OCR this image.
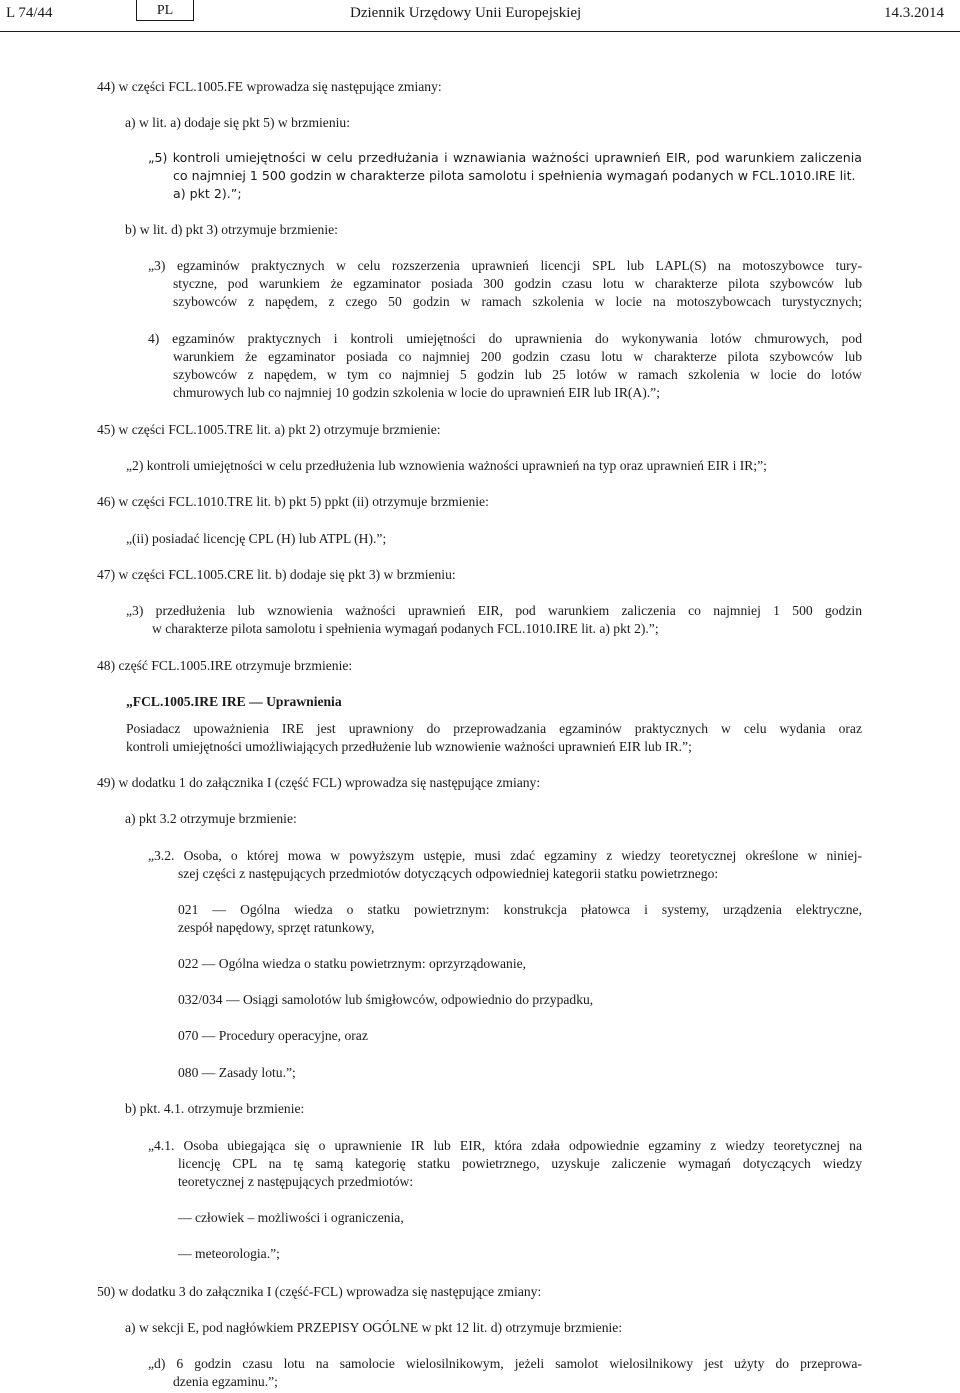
L 74/44	PL	Dziennik Urzędowy Unii Europejskiej	14.3.2014
44) w części FCL.1005.FE wprowadza się następujące zmiany:
a) w lit. a) dodaje się pkt 5) w brzmieniu:
„5) kontroli umiejętności w celu przedłużania i wznawiania ważności uprawnień EIR, pod warunkiem zaliczenia
co najmniej 1 500 godzin w charakterze pilota samolotu i spełnienia wymagań podanych w FCL.1010.IRE lit.
a) pkt 2).”;
b) w lit. d) pkt 3) otrzymuje brzmienie:
„3) egzaminów praktycznych w celu rozszerzenia uprawnień licencji SPL lub LAPL(S) na motoszybowce tury-
styczne, pod warunkiem że egzaminator posiada 300 godzin czasu lotu w charakterze pilota szybowców lub
szybowców z napędem, z czego 50 godzin w ramach szkolenia w locie na motoszybowcach turystycznych;
4) egzaminów praktycznych i kontroli umiejętności do uprawnienia do wykonywania lotów chmurowych, pod
warunkiem że egzaminator posiada co najmniej 200 godzin czasu lotu w charakterze pilota szybowców lub
szybowców z napędem, w tym co najmniej 5 godzin lub 25 lotów w ramach szkolenia w locie do lotów
chmurowych lub co najmniej 10 godzin szkolenia w locie do uprawnień EIR lub IR(A).”;
45) w części FCL.1005.TRE lit. a) pkt 2) otrzymuje brzmienie:
„2) kontroli umiejętności w celu przedłużenia lub wznowienia ważności uprawnień na typ oraz uprawnień EIR i IR;”;
46) w części FCL.1010.TRE lit. b) pkt 5) ppkt (ii) otrzymuje brzmienie:
„(ii) posiadać licencję CPL (H) lub ATPL (H).”;
47) w części FCL.1005.CRE lit. b) dodaje się pkt 3) w brzmieniu:
„3) przedłużenia lub wznowienia ważności uprawnień EIR, pod warunkiem zaliczenia co najmniej 1 500 godzin
w charakterze pilota samolotu i spełnienia wymagań podanych FCL.1010.IRE lit. a) pkt 2).”;
48) część FCL.1005.IRE otrzymuje brzmienie:
„FCL.1005.IRE IRE — Uprawnienia
Posiadacz upoważnienia IRE jest uprawniony do przeprowadzania egzaminów praktycznych w celu wydania oraz
kontroli umiejętności umożliwiających przedłużenie lub wznowienie ważności uprawnień EIR lub IR.”;
49) w dodatku 1 do załącznika I (część FCL) wprowadza się następujące zmiany:
a) pkt 3.2 otrzymuje brzmienie:
„3.2. Osoba, o której mowa w powyższym ustępie, musi zdać egzaminy z wiedzy teoretycznej określone w niniej-
szej części z następujących przedmiotów dotyczących odpowiedniej kategorii statku powietrznego:
021 — Ogólna wiedza o statku powietrznym: konstrukcja płatowca i systemy, urządzenia elektryczne,
zespół napędowy, sprzęt ratunkowy,
022 — Ogólna wiedza o statku powietrznym: oprzyrządowanie,
032/034 — Osiągi samolotów lub śmigłowców, odpowiednio do przypadku,
070 — Procedury operacyjne, oraz
080 — Zasady lotu.”;
b) pkt. 4.1. otrzymuje brzmienie:
„4.1. Osoba ubiegająca się o uprawnienie IR lub EIR, która zdała odpowiednie egzaminy z wiedzy teoretycznej na
licencję CPL na tę samą kategorię statku powietrznego, uzyskuje zaliczenie wymagań dotyczących wiedzy
teoretycznej z następujących przedmiotów:
— człowiek – możliwości i ograniczenia,
— meteorologia.”;
50) w dodatku 3 do załącznika I (część-FCL) wprowadza się następujące zmiany:
a) w sekcji E, pod nagłówkiem PRZEPISY OGÓLNE w pkt 12 lit. d) otrzymuje brzmienie:
„d) 6 godzin czasu lotu na samolocie wielosilnikowym, jeżeli samolot wielosilnikowy jest użyty do przeprowa-
dzenia egzaminu.”;
